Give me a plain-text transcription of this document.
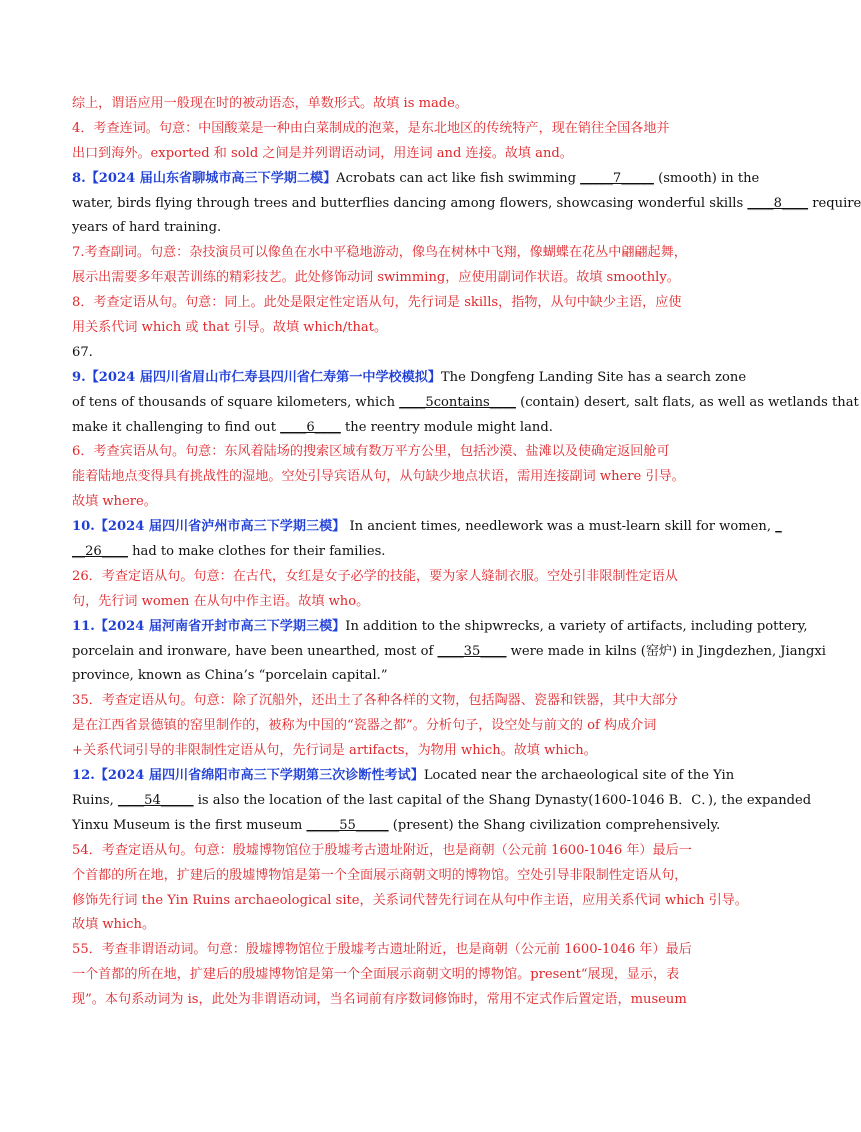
综上，谓语应用一般现在时的被动语态，单数形式。故填 is made。
4．考查连词。句意：中国酸菜是一种由白菜制成的泡菜，是东北地区的传统特产，现在销往全国各地并
出口到海外。exported 和 sold 之间是并列谓语动词，用连词 and 连接。故填 and。
8.【2024 届山东省聊城市高三下学期二模】Acrobats can act like fish swimming _____7_____ (smooth) in the
water, birds flying through trees and butterflies dancing among flowers, showcasing wonderful skills ____8____ require
years of hard training.
7.考查副词。句意：杂技演员可以像鱼在水中平稳地游动，像鸟在树林中飞翔，像蝴蝶在花丛中翩翩起舞，
展示出需要多年艰苦训练的精彩技艺。此处修饰动词 swimming，应使用副词作状语。故填 smoothly。
8．考查定语从句。句意：同上。此处是限定性定语从句，先行词是 skills，指物，从句中缺少主语，应使
用关系代词 which 或 that 引导。故填 which/that。
67.
9.【2024 届四川省眉山市仁寿县四川省仁寿第一中学校模拟】The Dongfeng Landing Site has a search zone
of tens of thousands of square kilometers, which ____5contains____ (contain) desert, salt flats, as well as wetlands that
make it challenging to find out ____6____ the reentry module might land.
6．考查宾语从句。句意：东风着陆场的搜索区域有数万平方公里，包括沙漠、盐滩以及使确定返回舱可
能着陆地点变得具有挑战性的湿地。空处引导宾语从句，从句缺少地点状语，需用连接副词 where 引导。
故填 where。
10.【2024 届四川省泸州市高三下学期三模】 In ancient times, needlework was a must-learn skill for women, _
__26____ had to make clothes for their families.
26．考查定语从句。句意：在古代，女红是女子必学的技能，要为家人缝制衣服。空处引非限制性定语从
句，先行词 women 在从句中作主语。故填 who。
11.【2024 届河南省开封市高三下学期三模】In addition to the shipwrecks, a variety of artifacts, including pottery,
porcelain and ironware, have been unearthed, most of ____35____ were made in kilns (窑炉) in Jingdezhen, Jiangxi
province, known as China’s “porcelain capital.”
35．考查定语从句。句意：除了沉船外，还出土了各种各样的文物，包括陶器、瓷器和铁器，其中大部分
是在江西省景德镇的窑里制作的，被称为中国的“瓷器之都”。分析句子，设空处与前文的 of 构成介词
+关系代词引导的非限制性定语从句，先行词是 artifacts，为物用 which。故填 which。
12.【2024 届四川省绵阳市高三下学期第三次诊断性考试】Located near the archaeological site of the Yin
Ruins, ____54_____ is also the location of the last capital of the Shang Dynasty(1600-1046 B．C．), the expanded
Yinxu Museum is the first museum _____55_____ (present) the Shang civilization comprehensively.
54．考查定语从句。句意：殷墟博物馆位于殷墟考古遗址附近，也是商朝（公元前 1600-1046 年）最后一
个首都的所在地，扩建后的殷墟博物馆是第一个全面展示商朝文明的博物馆。空处引导非限制性定语从句，
修饰先行词 the Yin Ruins archaeological site，关系词代替先行词在从句中作主语，应用关系代词 which 引导。
故填 which。
55．考查非谓语动词。句意：殷墟博物馆位于殷墟考古遗址附近，也是商朝（公元前 1600-1046 年）最后
一个首都的所在地，扩建后的殷墟博物馆是第一个全面展示商朝文明的博物馆。present“展现，显示，表
现”。本句系动词为 is，此处为非谓语动词，当名词前有序数词修饰时，常用不定式作后置定语，museum
